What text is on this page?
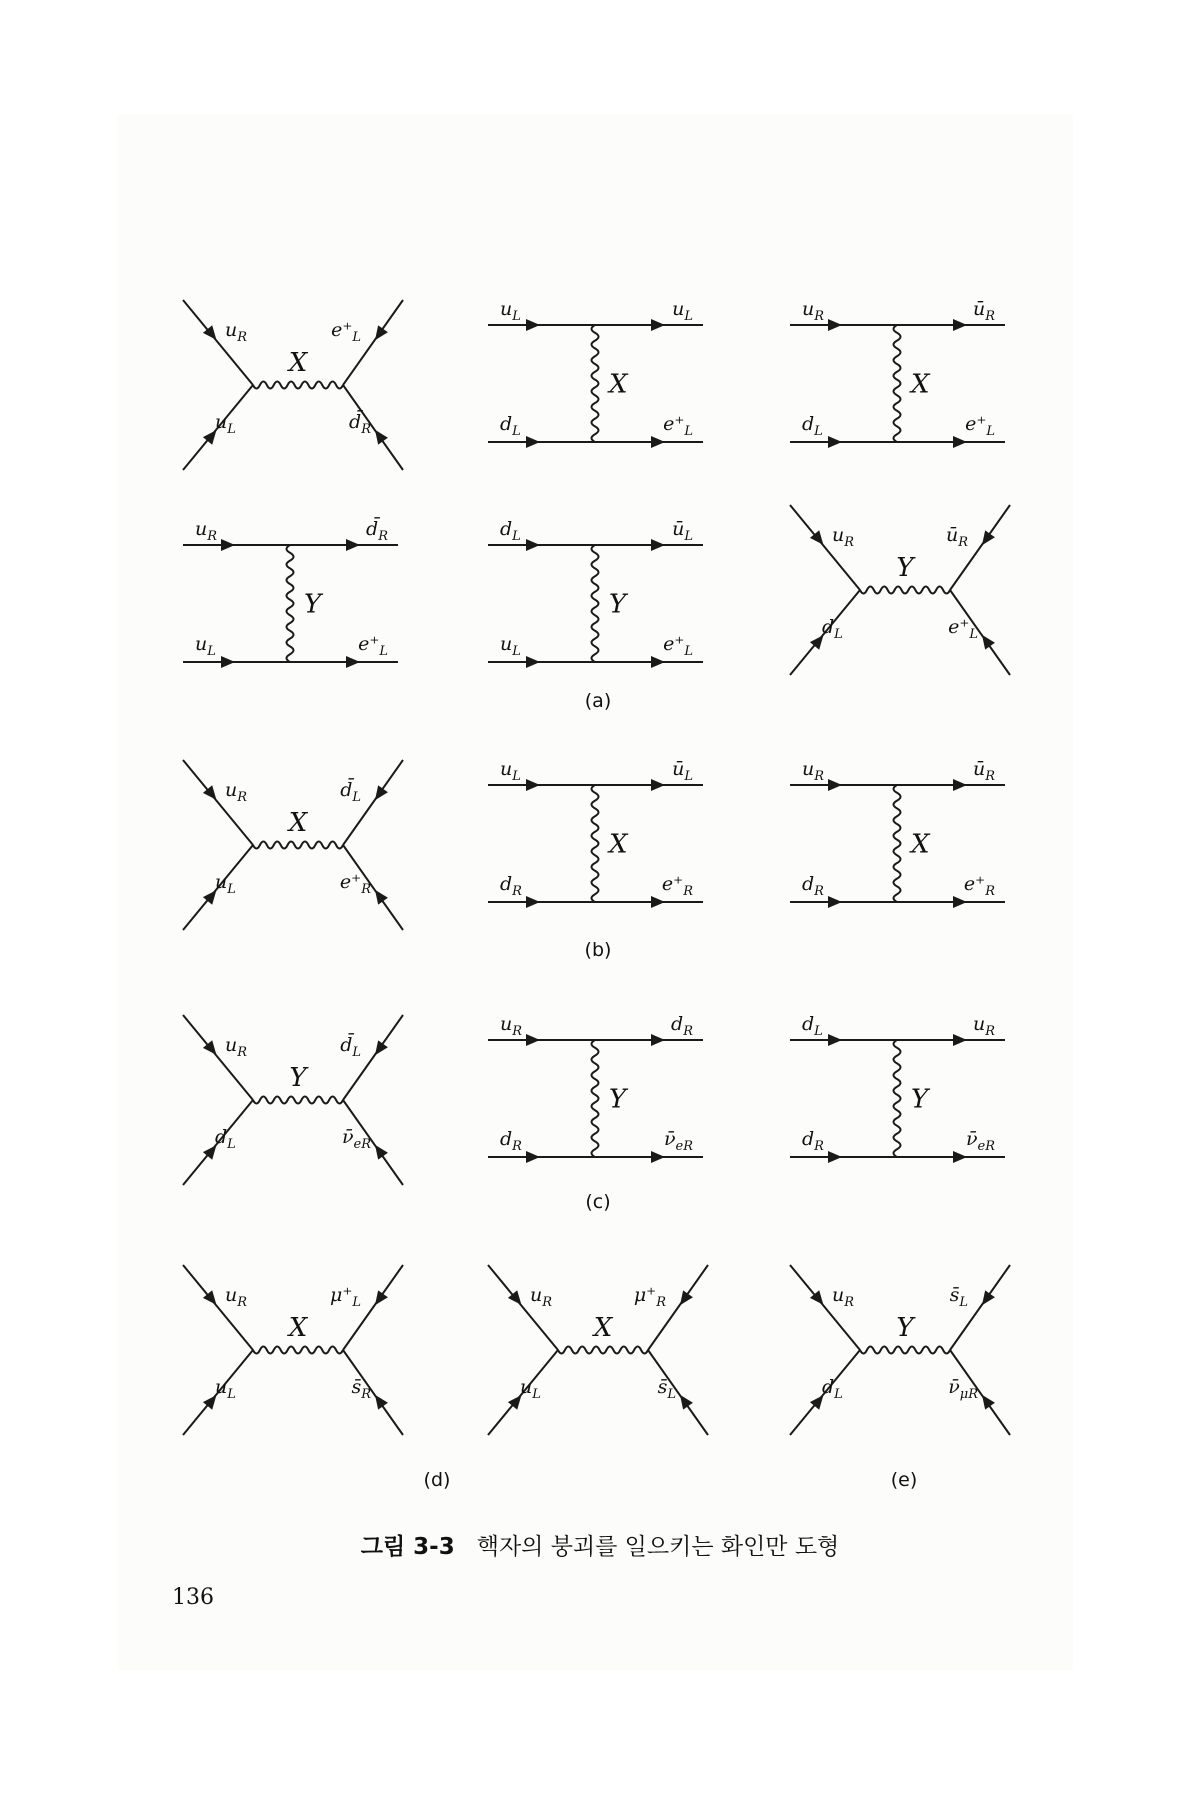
(a)
(b)
(c)
(d)	(e)
$u_R$
$u_L$
$e^+_L$
$d̄_R$
X
$u_L$	$u_L$
$d_L$	$e^+_L$
X
$u_R$	$ū_R$
$d_L$	$e^+_L$
X
$u_R$	$d̄_R$
$u_L$	$e^+_L$
Y
$d_L$	$ū_L$
$u_L$	$e^+_L$
Y
$u_R$
$d_L$
$ū_R$
$e^+_L$
Y
$u_R$
$u_L$
$d̄_L$
$e^+_R$
X
$u_L$	$ū_L$
$d_R$	$e^+_R$
X
$u_R$	$ū_R$
$d_R$	$e^+_R$
X
$u_R$
$d_L$
$d̄_L$
$\nū_{eR}$
Y
$u_R$	$d_R$
$d_R$	$\nū_{eR}$
Y
$d_L$	$u_R$
$d_R$	$\nū_{eR}$
Y
$u_R$
$u_L$
$\mu^+_L$
$s̄_R$
X
$u_R$
$u_L$
$\mu^+_R$
$s̄_L$
X
$u_R$
$d_L$
$s̄_L$
$\nū_{\mu R}$
Y
그림 3-3 핵자의 붕괴를 일으키는 화인만 도형
136
